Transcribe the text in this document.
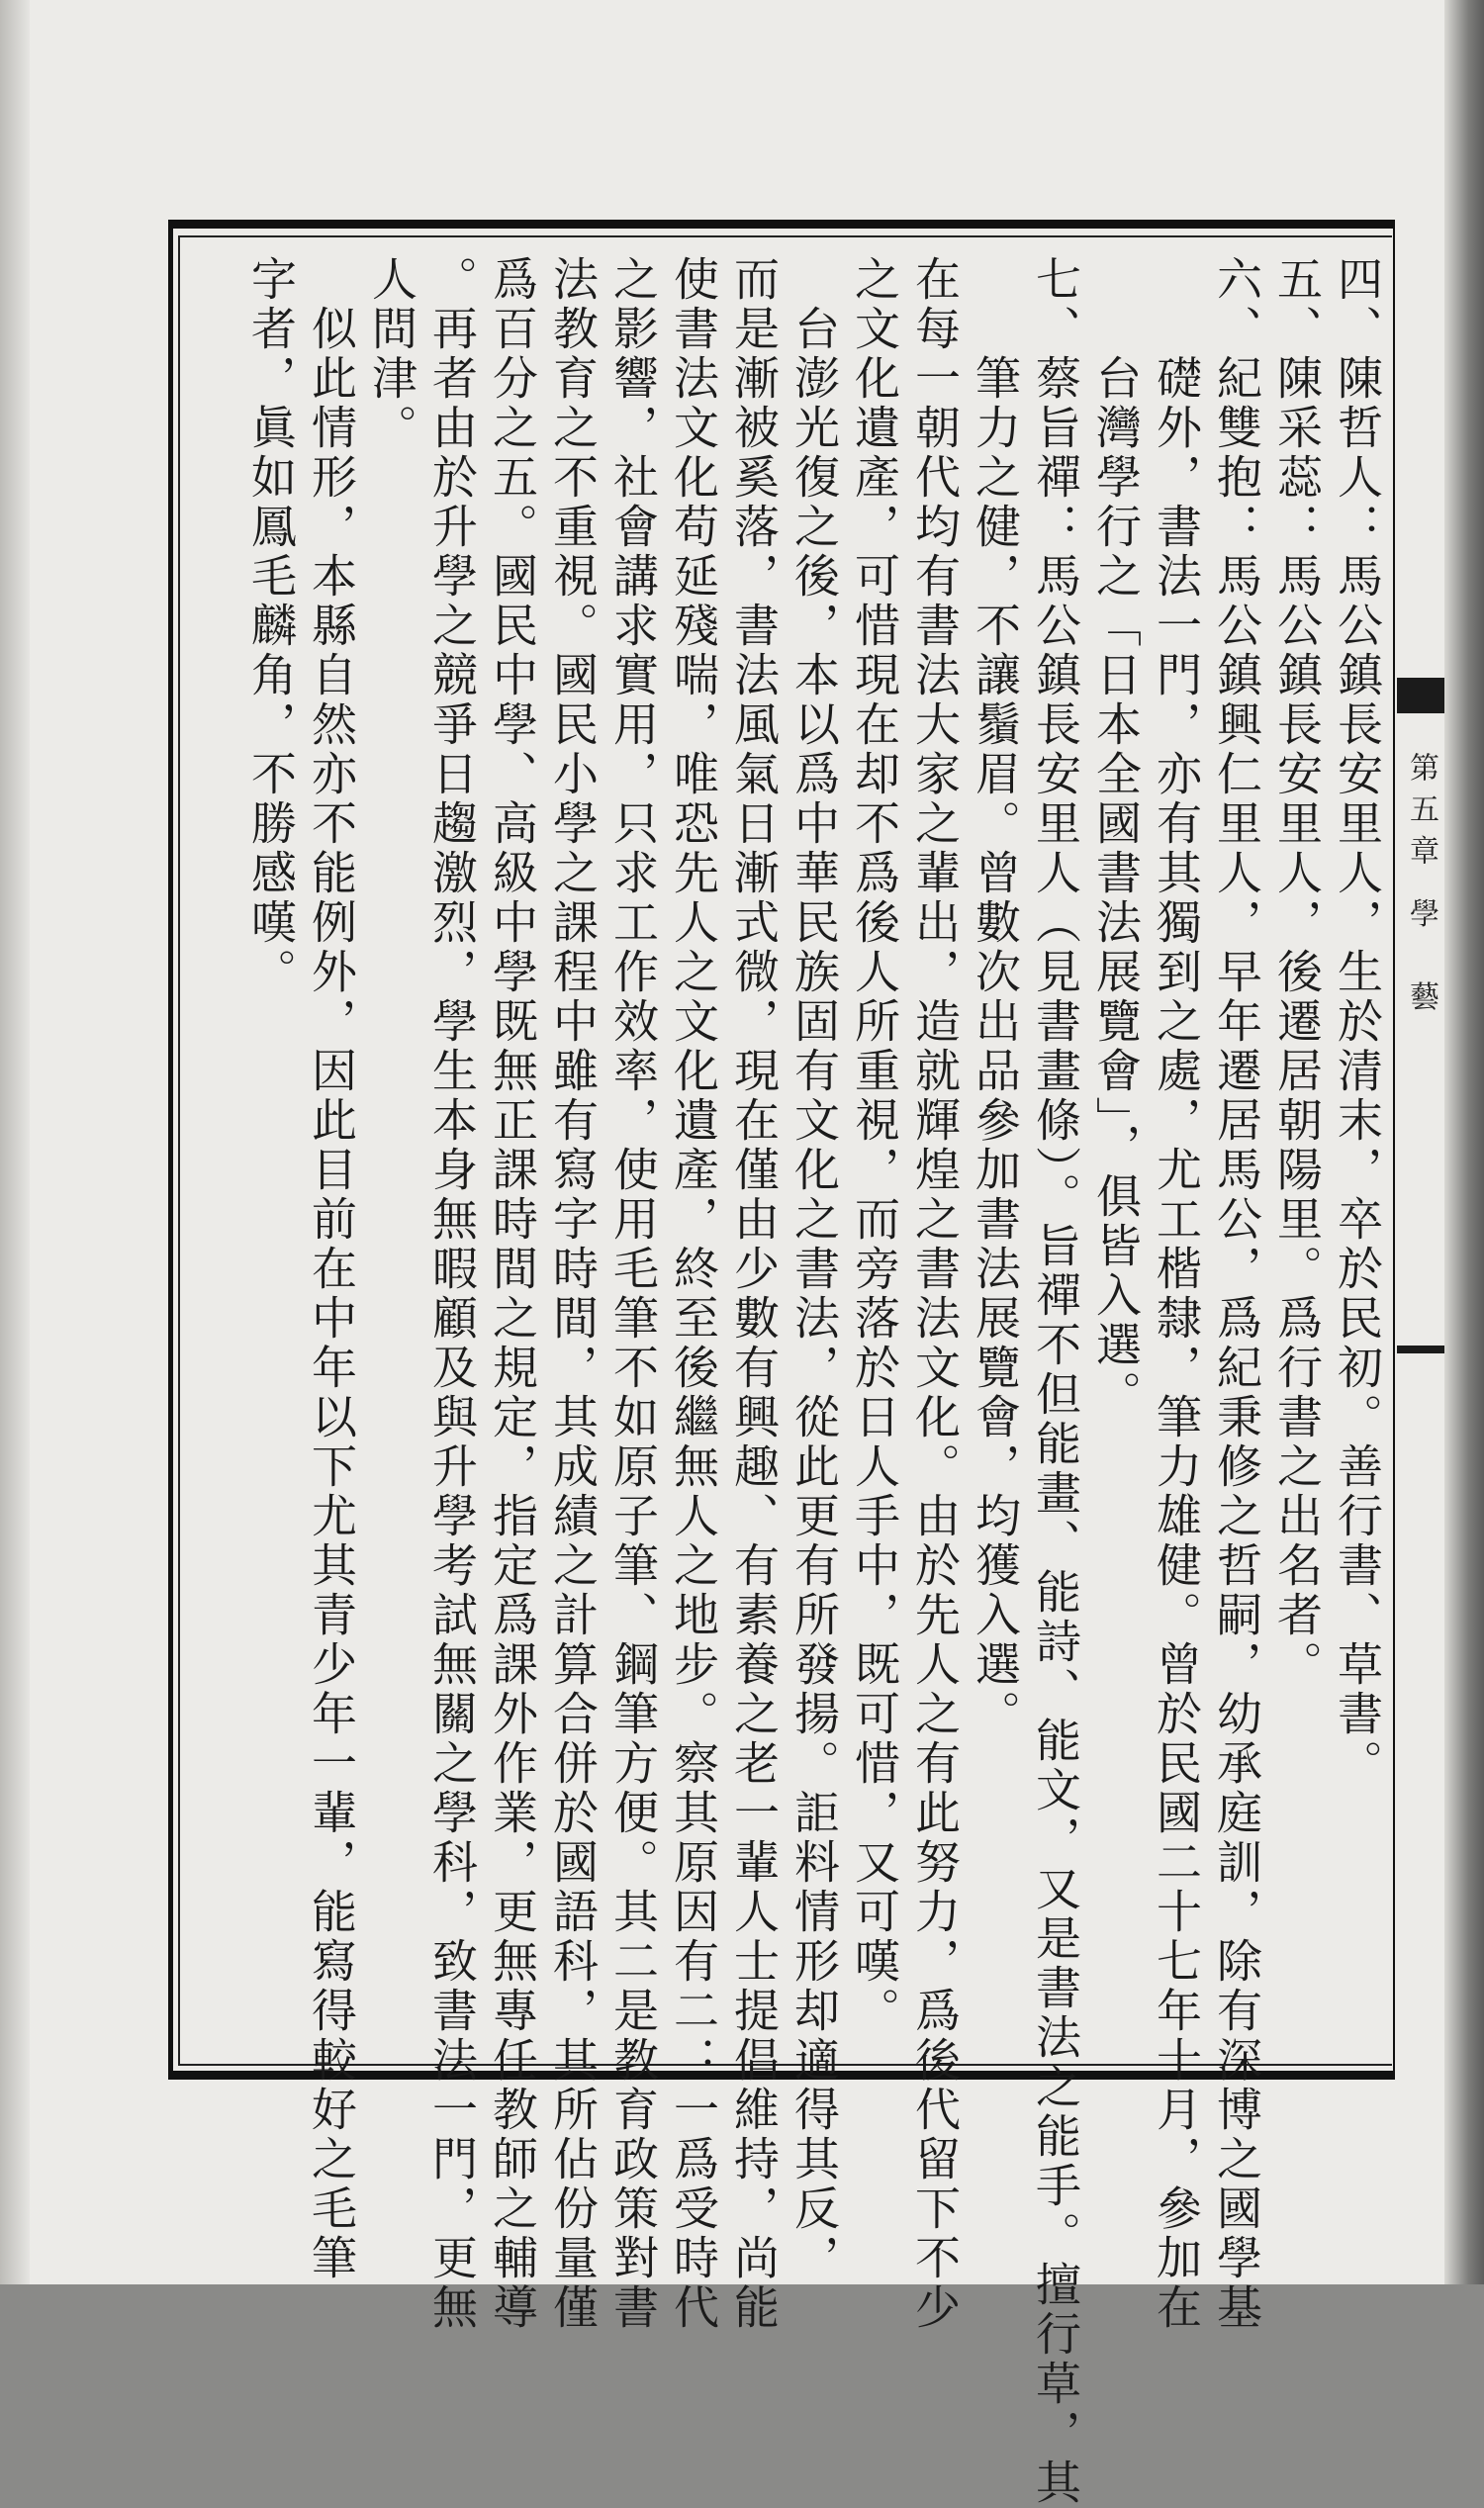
第五章 學　藝
四、陳哲人：馬公鎮長安里人，生於清末，卒於民初。善行書、草書。
五、陳采蕊：馬公鎮長安里人，後遷居朝陽里。爲行書之出名者。
六、紀雙抱：馬公鎮興仁里人，早年遷居馬公，爲紀秉修之哲嗣，幼承庭訓，除有深博之國學基
　　礎外，書法一門，亦有其獨到之處，尤工楷隸，筆力雄健。曾於民國二十七年十月，參加在
　　台灣學行之「日本全國書法展覽會」，俱皆入選。
七、蔡旨禪：馬公鎮長安里人（見書畫條）。旨禪不但能畫、能詩、能文，又是書法之能手。擅行草，其
　　筆力之健，不讓鬚眉。曾數次出品參加書法展覽會，均獲入選。
在每一朝代均有書法大家之輩出，造就輝煌之書法文化。由於先人之有此努力，爲後代留下不少
之文化遺產，可惜現在却不爲後人所重視，而旁落於日人手中，既可惜，又可嘆。
　台澎光復之後，本以爲中華民族固有文化之書法，從此更有所發揚。詎料情形却適得其反，
而是漸被奚落，書法風氣日漸式微，現在僅由少數有興趣、有素養之老一輩人士提倡維持，尚能
使書法文化苟延殘喘，唯恐先人之文化遺產，終至後繼無人之地步。察其原因有二：一爲受時代
之影響，社會講求實用，只求工作效率，使用毛筆不如原子筆、鋼筆方便。其二是教育政策對書
法教育之不重視。國民小學之課程中雖有寫字時間，其成績之計算合併於國語科，其所佔份量僅
爲百分之五。國民中學、高級中學既無正課時間之規定，指定爲課外作業，更無專任教師之輔導
。再者由於升學之競爭日趨激烈，學生本身無暇顧及與升學考試無關之學科，致書法一門，更無
人問津。
　似此情形，本縣自然亦不能例外，因此目前在中年以下尤其青少年一輩，能寫得較好之毛筆
字者，眞如鳳毛麟角，不勝感嘆。
